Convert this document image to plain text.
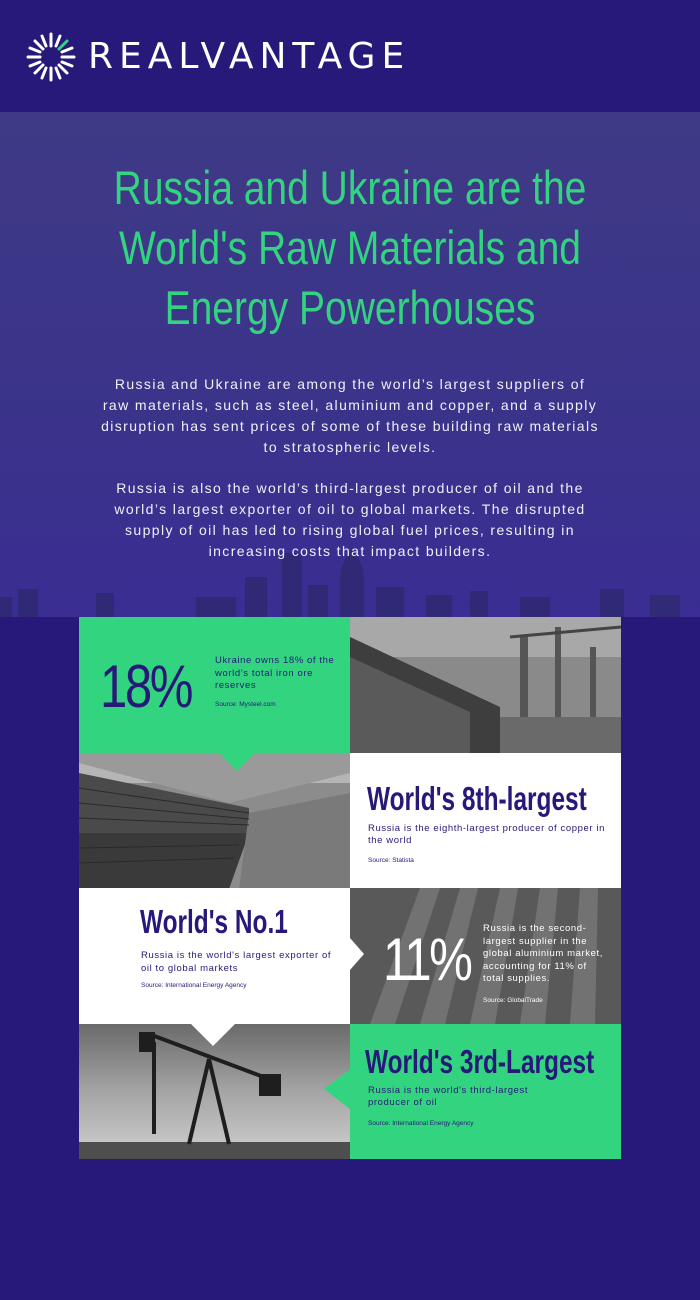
REALVANTAGE
Russia and Ukraine are the World's Raw Materials and Energy Powerhouses

Russia and Ukraine are among the world’s largest suppliers of raw materials, such as steel, aluminium and copper, and a supply disruption has sent prices of some of these building raw materials to stratospheric levels.

Russia is also the world’s third-largest producer of oil and the world’s largest exporter of oil to global markets. The disrupted supply of oil has led to rising global fuel prices, resulting in increasing costs that impact builders.

18%	Ukraine owns 18% of the world’s total iron ore reserves
Source: Mysteel.com
World's 8th-largest
Russia is the eighth-largest producer of copper in the world
Source: Statista
World's No.1
Russia is the world's largest exporter of oil to global markets
Source: International Energy Agency 11% Russia is the second-largest supplier in the global aluminium market, accounting for 11% of total supplies.
Source: GlobalTrade
World's 3rd-Largest
Russia is the world's third-largest producer of oil
Source: International Energy Agency
